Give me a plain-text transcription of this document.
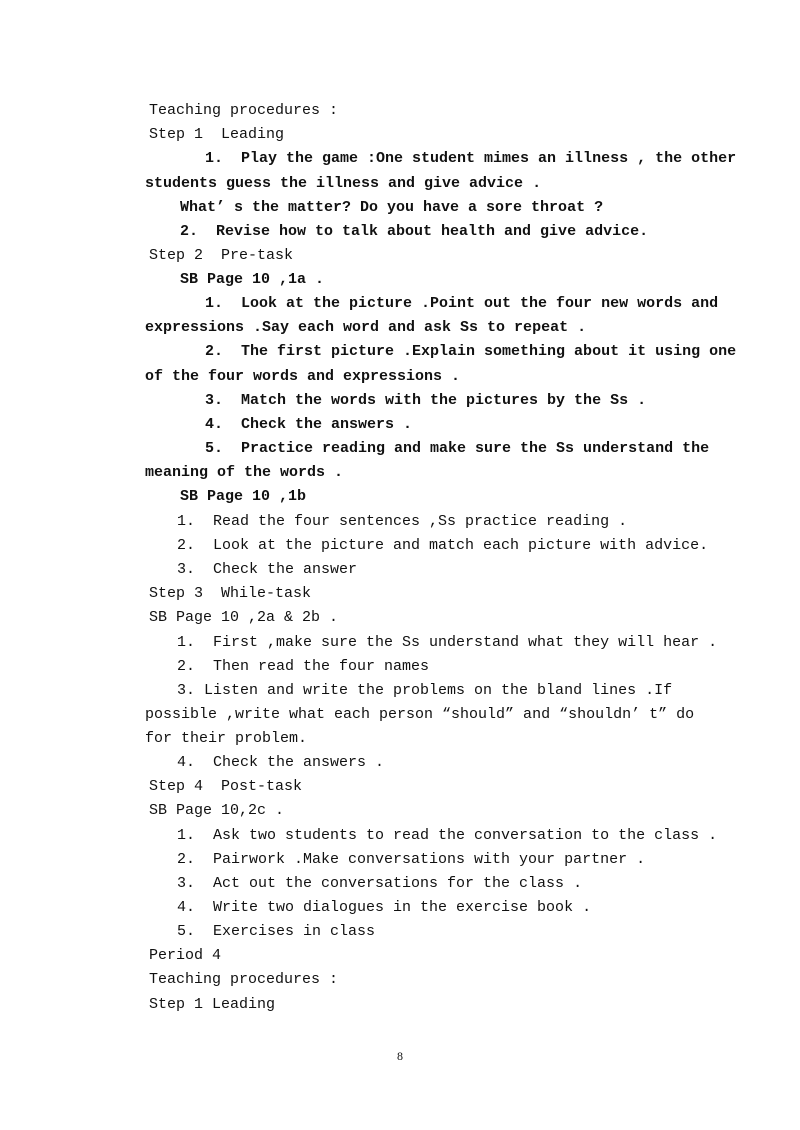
Teaching procedures :
Step 1  Leading
1.  Play the game :One student mimes an illness , the other
students guess the illness and give advice .
What’ s the matter? Do you have a sore throat ?
2.  Revise how to talk about health and give advice.
Step 2  Pre-task
SB Page 10 ,1a .
1.  Look at the picture .Point out the four new words and
expressions .Say each word and ask Ss to repeat .
2.  The first picture .Explain something about it using one
of the four words and expressions .
3.  Match the words with the pictures by the Ss .
4.  Check the answers .
5.  Practice reading and make sure the Ss understand the
meaning of the words .
SB Page 10 ,1b
1.  Read the four sentences ,Ss practice reading .
2.  Look at the picture and match each picture with advice.
3.  Check the answer
Step 3  While-task
SB Page 10 ,2a & 2b .
1.  First ,make sure the Ss understand what they will hear .
2.  Then read the four names
3. Listen and write the problems on the bland lines .If
possible ,write what each person “should” and “shouldn’ t” do
for their problem.
4.  Check the answers .
Step 4  Post-task
SB Page 10,2c .
1.  Ask two students to read the conversation to the class .
2.  Pairwork .Make conversations with your partner .
3.  Act out the conversations for the class .
4.  Write two dialogues in the exercise book .
5.  Exercises in class
Period 4
Teaching procedures :
Step 1 Leading
8
